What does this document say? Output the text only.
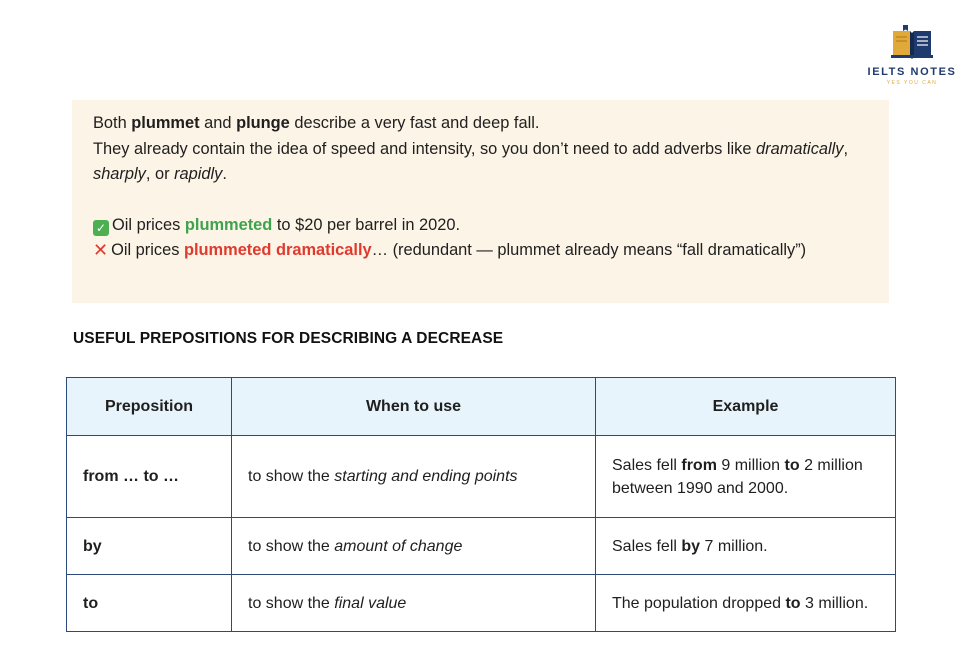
IELTS NOTES
YES YOU CAN

Both plummet and plunge describe a very fast and deep fall.

They already contain the idea of speed and intensity, so you don’t need to add adverbs like dramatically, sharply, or rapidly.

✓ Oil prices plummeted to $20 per barrel in 2020.

✕ Oil prices plummeted dramatically… (redundant — plummet already means “fall dramatically”)

USEFUL PREPOSITIONS FOR DESCRIBING A DECREASE
Preposition	When to use	Example
from … to …	to show the starting and ending points	Sales fell from 9 million to 2 million between 1990 and 2000.
by	to show the amount of change	Sales fell by 7 million.
to	to show the final value	The population dropped to 3 million.
